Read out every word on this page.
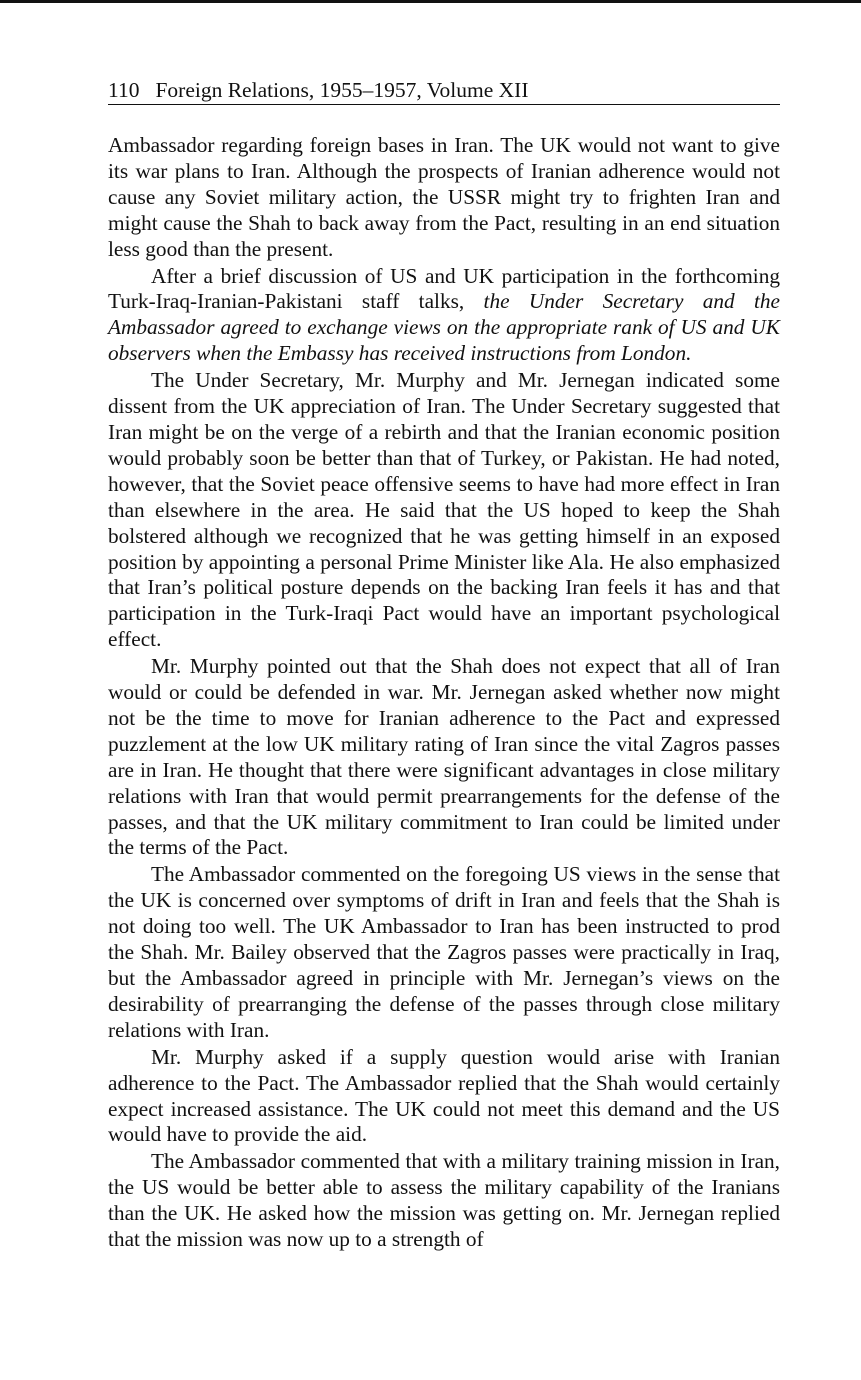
110 Foreign Relations, 1955–1957, Volume XII

Ambassador regarding foreign bases in Iran. The UK would not want to give its war plans to Iran. Although the prospects of Iranian adherence would not cause any Soviet military action, the USSR might try to frighten Iran and might cause the Shah to back away from the Pact, resulting in an end situation less good than the present.

After a brief discussion of US and UK participation in the forthcoming Turk-Iraq-Iranian-Pakistani staff talks, the Under Secretary and the Ambassador agreed to exchange views on the appropriate rank of US and UK observers when the Embassy has received instructions from London.

The Under Secretary, Mr. Murphy and Mr. Jernegan indicated some dissent from the UK appreciation of Iran. The Under Secretary suggested that Iran might be on the verge of a rebirth and that the Iranian economic position would probably soon be better than that of Turkey, or Pakistan. He had noted, however, that the Soviet peace offensive seems to have had more effect in Iran than elsewhere in the area. He said that the US hoped to keep the Shah bolstered although we recognized that he was getting himself in an exposed position by appointing a personal Prime Minister like Ala. He also emphasized that Iran’s political posture depends on the backing Iran feels it has and that participation in the Turk-Iraqi Pact would have an important psychological effect.

Mr. Murphy pointed out that the Shah does not expect that all of Iran would or could be defended in war. Mr. Jernegan asked whether now might not be the time to move for Iranian adherence to the Pact and expressed puzzlement at the low UK military rating of Iran since the vital Zagros passes are in Iran. He thought that there were significant advantages in close military relations with Iran that would permit prearrangements for the defense of the passes, and that the UK military commitment to Iran could be limited under the terms of the Pact.

The Ambassador commented on the foregoing US views in the sense that the UK is concerned over symptoms of drift in Iran and feels that the Shah is not doing too well. The UK Ambassador to Iran has been instructed to prod the Shah. Mr. Bailey observed that the Zagros passes were practically in Iraq, but the Ambassador agreed in principle with Mr. Jernegan’s views on the desirability of prearranging the defense of the passes through close military relations with Iran.

Mr. Murphy asked if a supply question would arise with Iranian adherence to the Pact. The Ambassador replied that the Shah would certainly expect increased assistance. The UK could not meet this demand and the US would have to provide the aid.

The Ambassador commented that with a military training mission in Iran, the US would be better able to assess the military capability of the Iranians than the UK. He asked how the mission was getting on. Mr. Jernegan replied that the mission was now up to a strength of
